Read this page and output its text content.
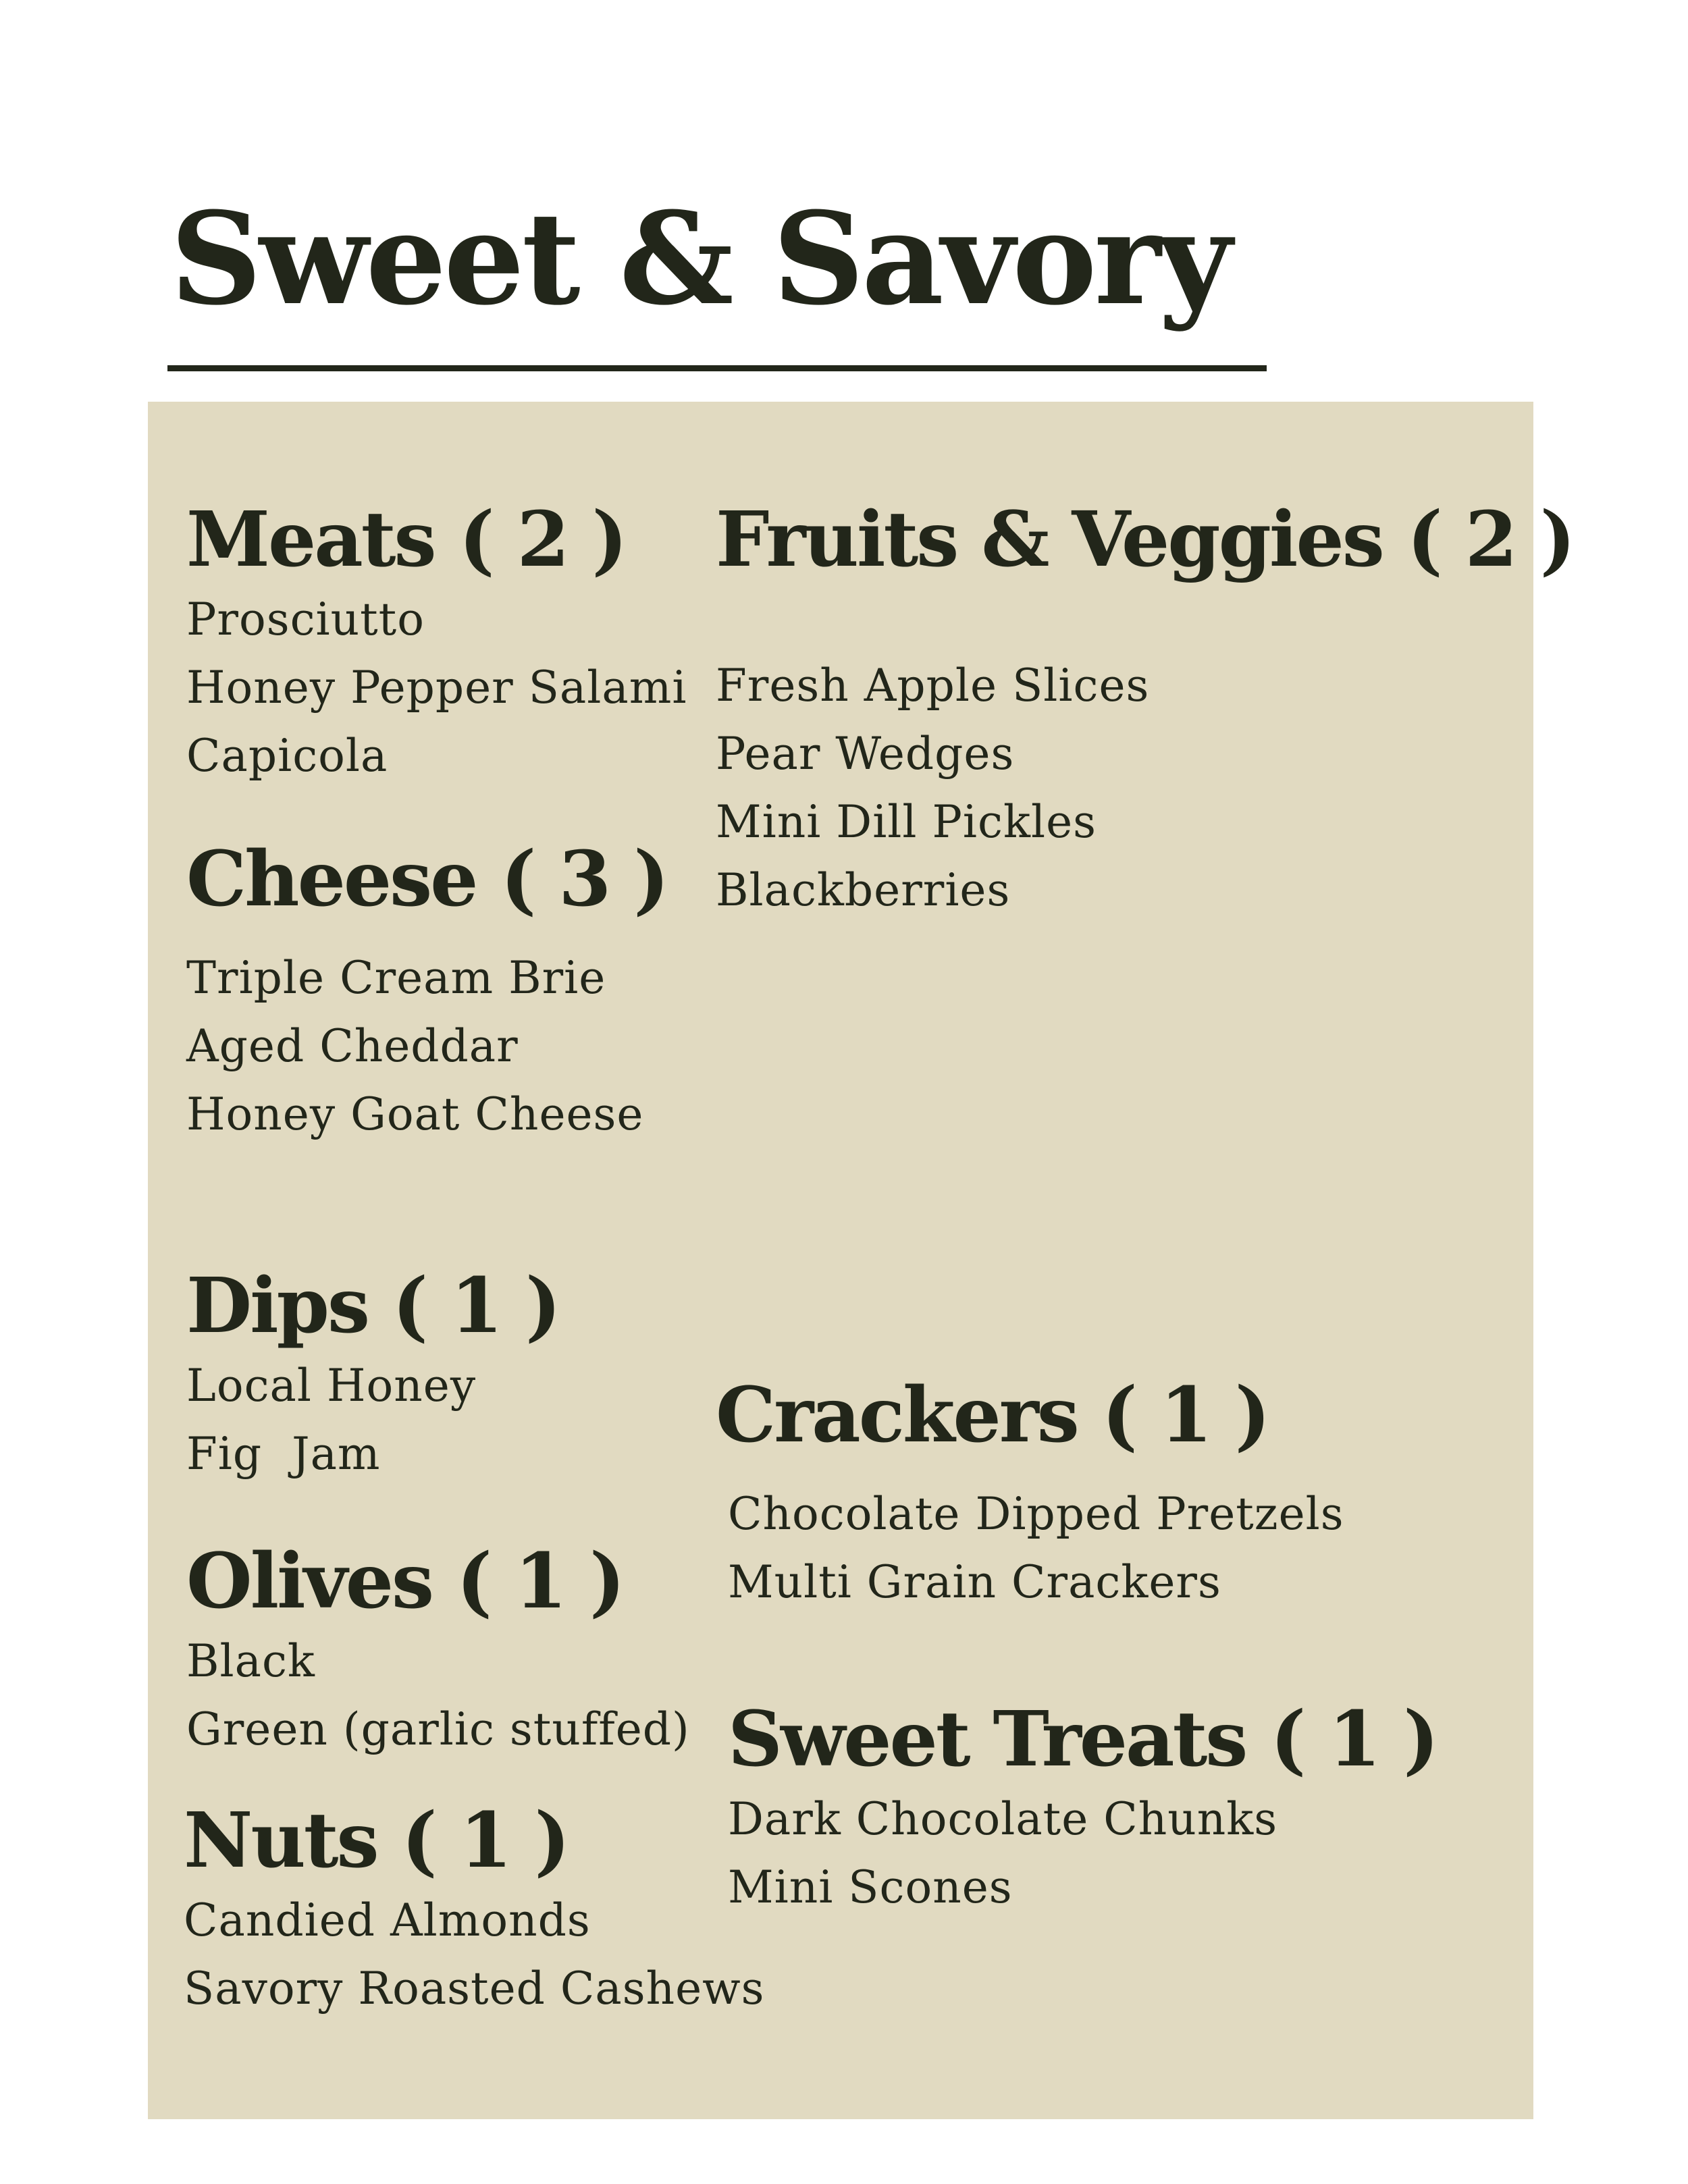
Sweet & Savory
Meats ( 2 )
Prosciutto
Honey Pepper Salami
Capicola
Cheese ( 3 )
Triple Cream Brie
Aged Cheddar
Honey Goat Cheese
Dips ( 1 )
Local Honey
Fig  Jam
Olives ( 1 )
Black
Green (garlic stuffed)
Nuts ( 1 )
Candied Almonds
Savory Roasted Cashews
Fruits & Veggies ( 2 )
Fresh Apple Slices
Pear Wedges
Mini Dill Pickles
Blackberries
Crackers ( 1 )
Chocolate Dipped Pretzels
Multi Grain Crackers
Sweet Treats ( 1 )
Dark Chocolate Chunks
Mini Scones
